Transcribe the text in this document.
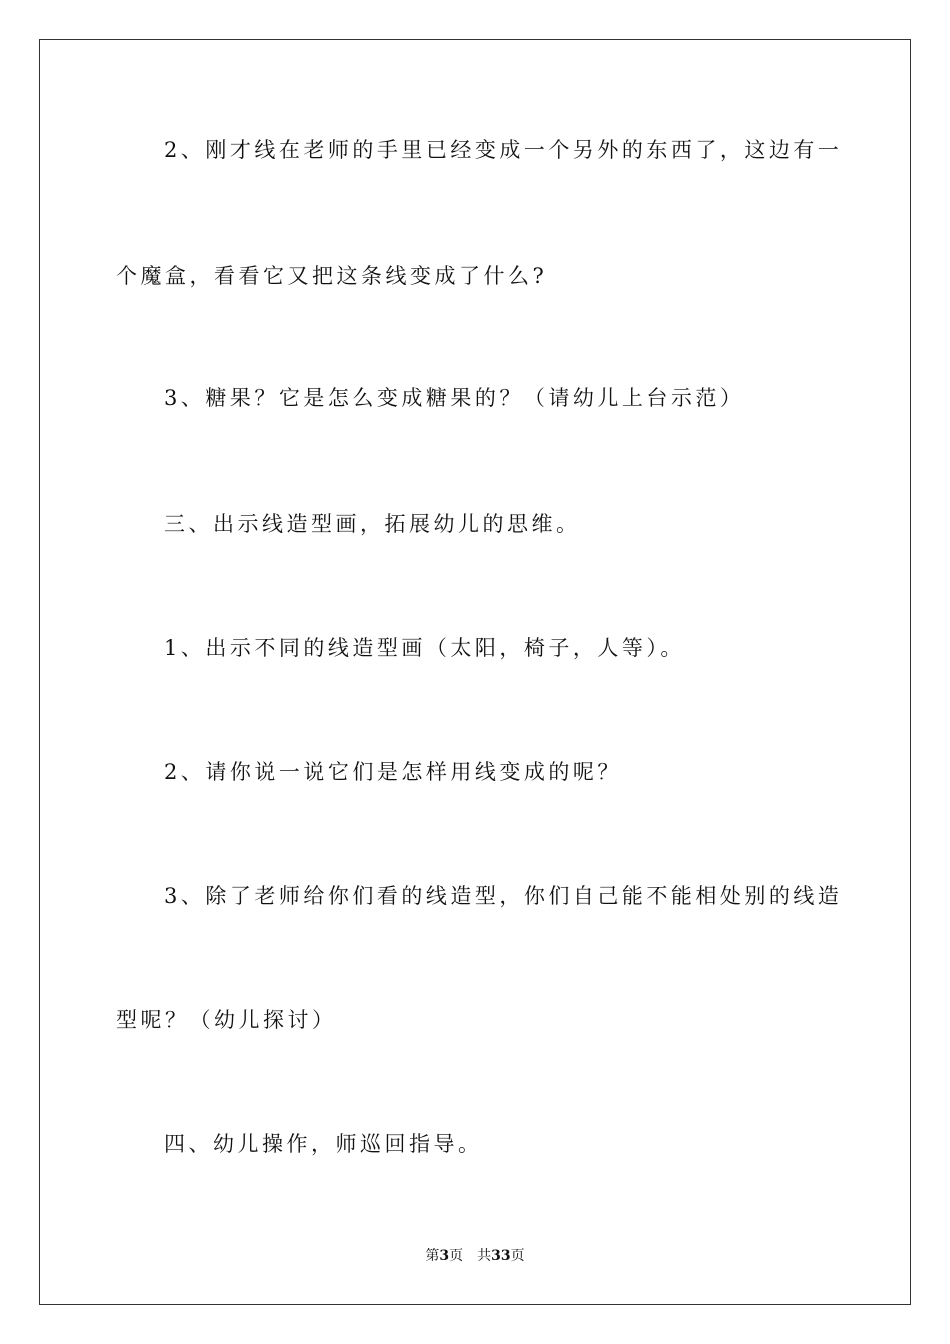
2、刚才线在老师的手里已经变成一个另外的东西了，这边有一
个魔盒，看看它又把这条线变成了什么?
3、糖果？它是怎么变成糖果的？（请幼儿上台示范）
三、出示线造型画，拓展幼儿的思维。
1、出示不同的线造型画（太阳，椅子，人等）。
2、请你说一说它们是怎样用线变成的呢？
3、除了老师给你们看的线造型，你们自己能不能相处别的线造
型呢？（幼儿探讨）
四、幼儿操作，师巡回指导。
第3页 共33页
